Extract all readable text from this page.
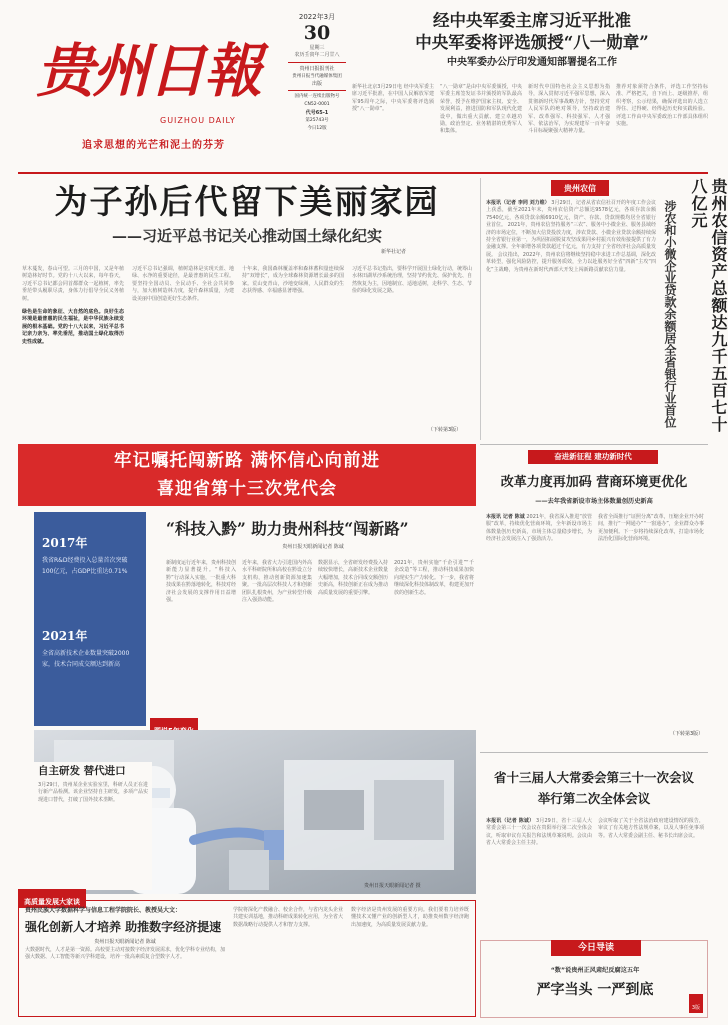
贵州日報
GUIZHOU DAILY
追求思想的光芒和泥土的芬芳
2022年3月
30
星期三
农历壬寅年二月廿八
贵州日报报刊社
贵州日报当代融媒体集团
出版
国内统一连续出版物号
CN52-0001
代号65-1
第25743号
今日12版
经中央军委主席习近平批准
中央军委将评选颁授“八一勋章”
中央军委办公厅印发通知部署提名工作
新华社北京3月29日电 经中央军委主席习近平批准，在中国人民解放军建军95周年之际，中央军委将评选颁授“八一勋章”。
“八一勋章”是由中央军委颁授，中央军委主席签发证书并颁授的军队最高荣誉，授予在维护国家主权、安全、发展利益，推进国防和军队现代化建设中，做出重大贡献、建立卓越功勋，政治坚定、业务精湛的优秀军人和集体。
新时代中国特色社会主义思想为指导，深入贯彻习近平强军思想，深入贯彻新时代军事战略方针，坚持党对人民军队的绝对领导，坚持政治建军、改革强军、科技强军、人才强军、依法治军，为实现建军一百年奋斗目标凝聚强大精神力量。
推荐对象须符合条件，评选工作坚持标准、严格把关，自下而上、逐级推荐，组织考察，公示结果，确保评选出的人选立得住、过得硬、经得起历史和实践检验。评选工作由中央军委政治工作部具体组织实施。
为子孙后代留下美丽家园
——习近平总书记关心推动国土绿化纪实
新华社记者
草木蔓发，春山可望。三月的中国，又是年植树造林好时节。党的十八大以来，每年春天，习近平总书记都会同首都群众一起植树，率先垂范带头履职尽责，身体力行倡导全民义务植树。
绿色是生命的象征、大自然的底色。良好生态环境是最普惠的民生福祉，是中华民族永续发展的根本基础。党的十八大以来，习近平总书记亲力亲为、率先垂范，推动国土绿化取得历史性成就。
习近平总书记强调，植树造林是实现天蓝、地绿、水净的重要途径，是最普惠的民生工程。要坚持全国动员、全民动手、全社会共同参与，加大植树造林力度，提升森林质量，为建设美丽中国创造更好生态条件。
十年来，我国森林覆盖率和森林蓄积量连续保持“双增长”，成为全球森林资源增长最多的国家。荒山变青山，沙地变绿洲，人民群众的生态获得感、幸福感显著增强。
习近平总书记指出，要科学开展国土绿化行动，统筹山水林田湖草沙系统治理，坚持节约优先、保护优先、自然恢复为主，因地制宜、适地适树，走科学、生态、节俭的绿化发展之路。
（下转第3版）
贵州农信	贵州农信资产总额达九千五百七十八亿元
涉农和小微企业贷款余额居全省银行业首位
本报讯（记者 李同 刘力维） 3月29日，记者从省农信社召开的年度工作会议上获悉，截至2021年末，贵州农信资产总额达9578亿元，各项存款余额7540亿元，各项贷款余额6910亿元，资产、存款、贷款规模均居全省银行业首位。 2021年，贵州农信坚持服务“三农”、服务中小微企业、服务县域经济的市场定位，不断加大信贷投放力度，涉农贷款、小微企业贷款余额持续保持全省银行业第一，为巩固拓展脱贫攻坚成果同乡村振兴有效衔接提供了有力金融支撑。全年新增各项贷款超过千亿元，有力支持了全省经济社会高质量发展。 会议指出，2022年，贵州农信将继续坚持稳中求进工作总基调，深化改革转型，强化风险防控，提升服务质效，全力以赴服务好全省“四新”主攻“四化”主战略，为贵州在新时代西部大开发上闯新路贡献农信力量。
牢记嘱托闯新路 满怀信心向前进
喜迎省第十三次党代会
2017年
我省R&D经费投入总量首次突破100亿元，占GDP比重达0.71%
2021年
全省高新技术企业数量突破2000家，技术合同成交额达到新高
“科技入黔” 助力贵州科技“闯新路”
贵州日报天眼新闻记者 陈诚
新制度运行近年来，贵州科技创新能力显著提升。“科技入黔”行动深入实施，一批重大科技成果在黔落地转化，科技对经济社会发展的支撑作用日益增强。
近年来，我省大力引进国内外高水平科研院所和高校在黔设立分支机构，推动创新资源加速集聚。一批高层次科技人才和创新团队扎根贵州，为产业转型升级注入强劲动能。
数据显示，全省研发经费投入持续较快增长，高新技术企业数量大幅增加，技术合同成交额创历史新高，科技创新正在成为推动高质量发展的重要引擎。
2021年，贵州实施“千企引进”“千企改造”等工程，推动科技成果加快向现实生产力转化。下一步，我省将继续深化科技体制改革，构建更加开放的创新生态。
贵州日报天眼新闻记者 摄
自主研发 替代进口
3月29日，贵州某企业实验室里，科研人员正在进行新产品检测。该企业坚持自主研发，多项产品实现进口替代，打破了国外技术垄断。
高质量发展大家谈
贵州民族大学数据科学与信息工程学院院长、教授吴大文：
强化创新人才培养 助推数字经济提速
贵州日报天眼新闻记者 陈诚
大数据时代，人才是第一资源。高校要主动对接数字经济发展需求，优化学科专业结构，加强大数据、人工智能等新兴学科建设，培养一批高素质复合型数字人才。
学院将深化产教融合、校企合作，与省内龙头企业共建实训基地，推动科研成果转化应用，为全省大数据战略行动提供人才和智力支撑。
数字经济是贵州发展的重要方向。我们要着力培养既懂技术又懂产业的创新型人才，助推贵州数字经济跑出加速度，为高质量发展贡献力量。
奋进新征程 建功新时代
改革力度再加码 营商环境更优化
——去年我省新设市场主体数量创历史新高
本报讯 记者 陈诚 2021年，我省深入推进“放管服”改革，持续优化营商环境，全年新设市场主体数量创历史新高，市场主体总量稳步增长，为经济社会发展注入了强劲活力。
我省全面推行“证照分离”改革，压缩企业开办时间，推行“一网通办”“一窗通办”，企业群众办事更加便利。下一步将持续深化改革，打造市场化法治化国际化营商环境。
（下转第3版）
省十三届人大常委会第三十一次会议
举行第二次全体会议
本报讯（记者 陈诚） 3月29日，省十三届人大常委会第三十一次会议在贵阳举行第二次全体会议，听取审议有关报告和法规草案说明。会议由省人大常委会主任主持。
会议听取了关于全省法治政府建设情况的报告，审议了有关地方性法规草案，以及人事任免事项等。省人大常委会副主任、秘书长出席会议。
今日导读
“数”说贵州正风肃纪反腐这五年
严字当头 一严到底
3版
